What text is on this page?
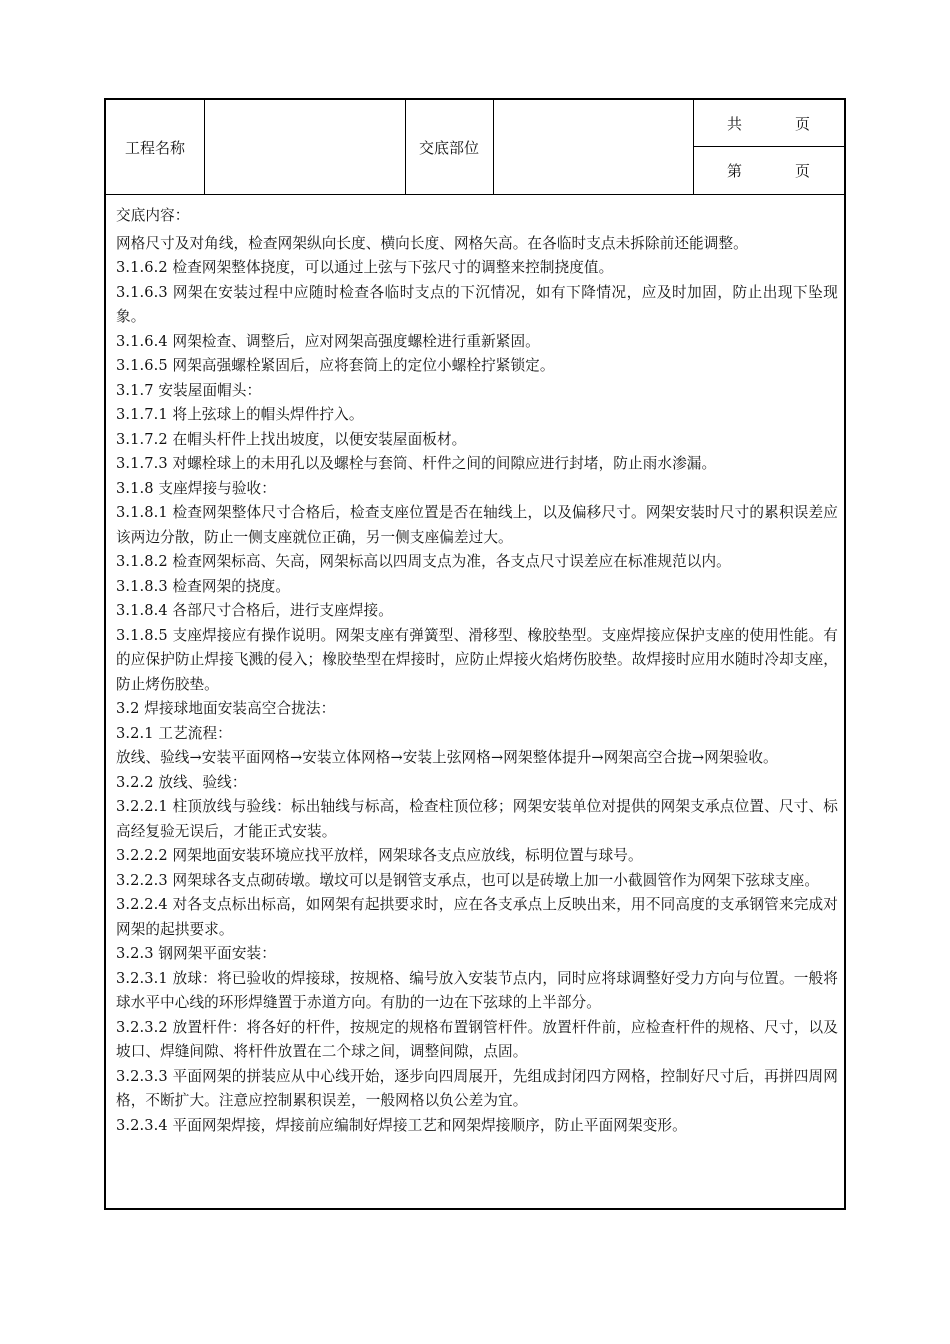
工程名称	交底部位
共	页
第	页

交底内容：

网格尺寸及对角线，检查网架纵向长度、横向长度、网格矢高。在各临时支点未拆除前还能调整。

3.1.6.2 检查网架整体挠度，可以通过上弦与下弦尺寸的调整来控制挠度值。

3.1.6.3 网架在安装过程中应随时检查各临时支点的下沉情况，如有下降情况，应及时加固，防止出现下坠现象。

3.1.6.4 网架检查、调整后，应对网架高强度螺栓进行重新紧固。

3.1.6.5 网架高强螺栓紧固后，应将套筒上的定位小螺栓拧紧锁定。

3.1.7 安装屋面帽头：

3.1.7.1 将上弦球上的帽头焊件拧入。

3.1.7.2 在帽头杆件上找出坡度，以便安装屋面板材。

3.1.7.3 对螺栓球上的未用孔以及螺栓与套筒、杆件之间的间隙应进行封堵，防止雨水渗漏。

3.1.8 支座焊接与验收：

3.1.8.1 检查网架整体尺寸合格后，检查支座位置是否在轴线上，以及偏移尺寸。网架安装时尺寸的累积误差应该两边分散，防止一侧支座就位正确，另一侧支座偏差过大。

3.1.8.2 检查网架标高、矢高，网架标高以四周支点为准，各支点尺寸误差应在标准规范以内。

3.1.8.3 检查网架的挠度。

3.1.8.4 各部尺寸合格后，进行支座焊接。

3.1.8.5 支座焊接应有操作说明。网架支座有弹簧型、滑移型、橡胶垫型。支座焊接应保护支座的使用性能。有的应保护防止焊接飞溅的侵入；橡胶垫型在焊接时，应防止焊接火焰烤伤胶垫。故焊接时应用水随时冷却支座，防止烤伤胶垫。

3.2 焊接球地面安装高空合拢法：

3.2.1 工艺流程：

放线、验线→安装平面网格→安装立体网格→安装上弦网格→网架整体提升→网架高空合拢→网架验收。

3.2.2 放线、验线：

3.2.2.1 柱顶放线与验线：标出轴线与标高，检查柱顶位移；网架安装单位对提供的网架支承点位置、尺寸、标高经复验无误后，才能正式安装。

3.2.2.2 网架地面安装环境应找平放样，网架球各支点应放线，标明位置与球号。

3.2.2.3 网架球各支点砌砖墩。墩坟可以是钢管支承点，也可以是砖墩上加一小截圆管作为网架下弦球支座。

3.2.2.4 对各支点标出标高，如网架有起拱要求时，应在各支承点上反映出来，用不同高度的支承钢管来完成对网架的起拱要求。

3.2.3 钢网架平面安装：

3.2.3.1 放球：将已验收的焊接球，按规格、编号放入安装节点内，同时应将球调整好受力方向与位置。一般将球水平中心线的环形焊缝置于赤道方向。有肋的一边在下弦球的上半部分。

3.2.3.2 放置杆件：将各好的杆件，按规定的规格布置钢管杆件。放置杆件前，应检查杆件的规格、尺寸，以及坡口、焊缝间隙、将杆件放置在二个球之间，调整间隙，点固。

3.2.3.3 平面网架的拼装应从中心线开始，逐步向四周展开，先组成封闭四方网格，控制好尺寸后，再拼四周网格，不断扩大。注意应控制累积误差，一般网格以负公差为宜。

3.2.3.4 平面网架焊接，焊接前应编制好焊接工艺和网架焊接顺序，防止平面网架变形。
